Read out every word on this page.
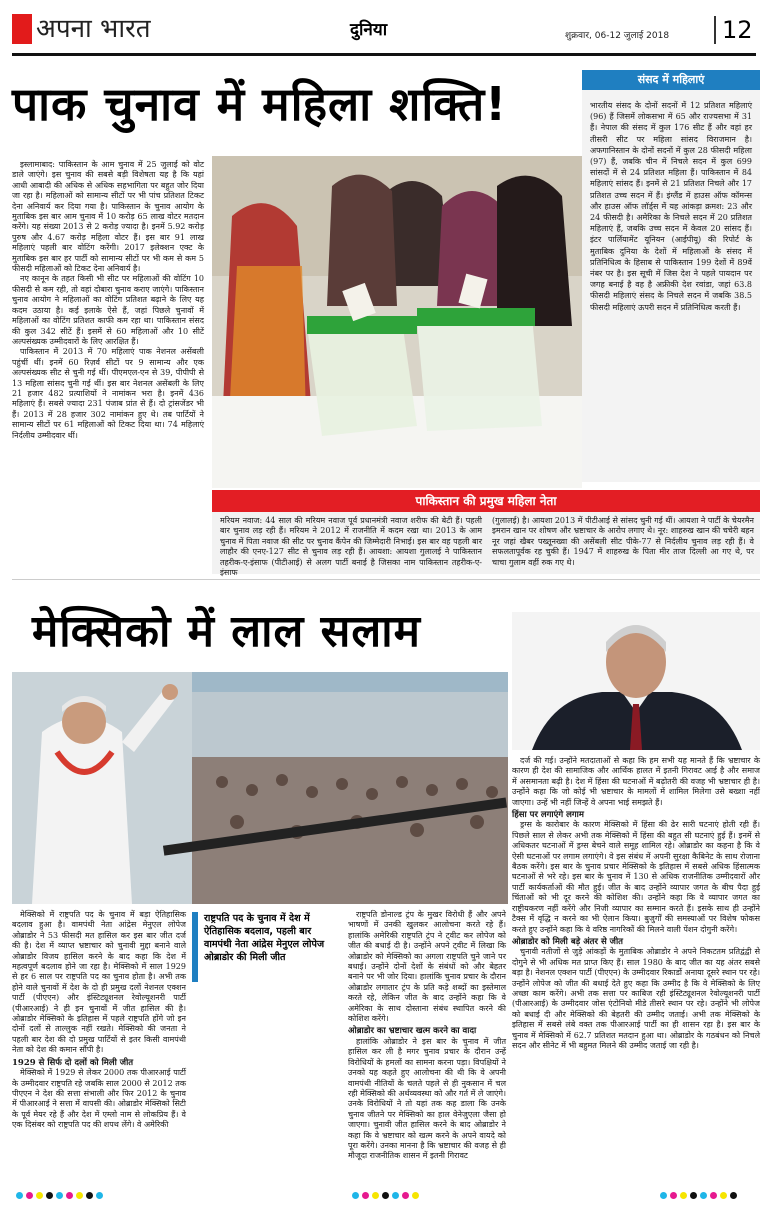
अपना भारत	दुनिया	शुक्रवार, 06-12 जुलाई 2018 12
पाक चुनाव में महिला शक्ति!
इस्लामाबाद: पाकिस्तान के आम चुनाव में 25 जुलाई को वोट डाले जाएंगे। इस चुनाव की सबसे बड़ी विशेषता यह है कि यहां आधी आबादी की अधिक से अधिक सहभागिता पर बहुत जोर दिया जा रहा है। महिलाओं को सामान्य सीटों पर भी पांच प्रतिशत टिकट देना अनिवार्य कर दिया गया है। पाकिस्तान के चुनाव आयोग के मुताबिक इस बार आम चुनाव में 10 करोड़ 65 लाख वोटर मतदान करेंगे। यह संख्या 2013 से 2 करोड़ ज्यादा है। इनमें 5.92 करोड़ पुरुष और 4.67 करोड़ महिला वोटर हैं। इस बार 91 लाख महिलाएं पहली बार वोटिंग करेंगी। 2017 इलेक्शन एक्ट के मुताबिक इस बार हर पार्टी को सामान्य सीटों पर भी कम से कम 5 फीसदी महिलाओं को टिकट देना अनिवार्य है।
नए कानून के तहत किसी भी सीट पर महिलाओं की वोटिंग 10 फीसदी से कम रही, तो वहां दोबारा चुनाव कराए जाएंगे। पाकिस्तान चुनाव आयोग ने महिलाओं का वोटिंग प्रतिशत बढ़ाने के लिए यह कदम उठाया है। कई इलाके ऐसे हैं, जहां पिछले चुनावों में महिलाओं का वोटिंग प्रतिशत काफी कम रहा था। पाकिस्तान संसद की कुल 342 सीटें हैं। इसमें से 60 महिलाओं और 10 सीटें अल्पसंख्यक उम्मीदवारों के लिए आरक्षित हैं।
पाकिस्तान में 2013 में 70 महिलाएं पाक नेशनल असेंबली पहुंचीं थीं। इनमें 60 रिज़र्व सीटों पर 9 सामान्य और एक अल्पसंख्यक सीट से चुनी गई थीं। पीएमएल-एन से 39, पीपीपी से 13 महिला सांसद चुनी गई थीं। इस बार नेशनल असेंबली के लिए 21 हजार 482 प्रत्याशियों ने नामांकन भरा है। इनमें 436 महिलाएं हैं। सबसे ज्यादा 231 पंजाब प्रांत से हैं। दो ट्रांसजेंडर भी हैं। 2013 में 28 हजार 302 नामांकन हुए थे। तब पार्टियों ने सामान्य सीटों पर 61 महिलाओं को टिकट दिया था। 74 महिलाएं निर्दलीय उम्मीदवार थीं।
संसद में महिलाएं
भारतीय संसद के दोनों सदनों में 12 प्रतिशत महिलाएं (96) हैं जिसमें लोकसभा में 65 और राज्यसभा में 31 हैं। नेपाल की संसद में कुल 176 सीट हैं और वहां हर तीसरी सीट पर महिला सांसद विराजमान है। अफगानिस्तान के दोनों सदनों में कुल 28 फीसदी महिला (97) हैं, जबकि चीन में निचले सदन में कुल 699 सांसदों में से 24 प्रतिशत महिला हैं। पाकिस्तान में 84 महिलाएं सांसद हैं। इनमें से 21 प्रतिशत निचले और 17 प्रतिशत उच्च सदन में हैं। इंग्लैंड में हाउस ऑफ कॉमन्स और हाउस ऑफ लॉर्ड्स में यह आंकड़ा क्रमश: 23 और 24 फीसदी है। अमेरिका के निचले सदन में 20 प्रतिशत महिलाएं हैं, जबकि उच्च सदन में केवल 20 सांसद हैं। इंटर पार्लियामेंट यूनियन (आईपीयू) की रिपोर्ट के मुताबिक दुनिया के देशों में महिलाओं के संसद में प्रतिनिधित्व के हिसाब से पाकिस्तान 199 देशों में 89वें नंबर पर है। इस सूची में जिस देश ने पहले पायदान पर जगह बनाई है वह है अफ्रीकी देश रवांडा, जहां 63.8 फीसदी महिलाएं संसद के निचले सदन में जबकि 38.5 फीसदी महिलाएं ऊपरी सदन में प्रतिनिधित्व करती हैं।
पाकिस्तान की प्रमुख महिला नेता
मरियम नवाज: 44 साल की मरियम नवाज पूर्व प्रधानमंत्री नवाज शरीफ की बेटी हैं। पहली बार चुनाव लड़ रही हैं। मरियम ने 2012 में राजनीति में कदम रखा था। 2013 के आम चुनाव में पिता नवाज की सीट पर चुनाव कैंपेन की जिम्मेदारी निभाई। इस बार वह पहली बार लाहौर की एनए-127 सीट से चुनाव लड़ रही हैं। आयशा: आयशा गुलालई ने पाकिस्तान तहरीक-ए-इंसाफ (पीटीआई) से अलग पार्टी बनाई है जिसका नाम पाकिस्तान तहरीक-ए-इंसाफ
(गुलालई) है। आयशा 2013 में पीटीआई से सांसद चुनी गई थीं। आयशा ने पार्टी के चेयरमैन इमरान खान पर शोषण और भ्रष्टाचार के आरोप लगाए थे। नूर: शाहरुख खान की चचेरी बहन नूर जहां खैबर पख्तूनख्वा की असेंबली सीट पीके-77 से निर्दलीय चुनाव लड़ रही हैं। वे सफलतापूर्वक रह चुकी हैं। 1947 में शाहरुख के पिता मीर ताज दिल्ली आ गए थे, पर चाचा गुलाम वहीं रुक गए थे।
मेक्सिको में लाल सलाम
दर्ज की गई। उन्होंने मतदाताओं से कहा कि हम सभी यह मानते हैं कि भ्रष्टाचार के कारण ही देश की सामाजिक और आर्थिक हालत में इतनी गिरावट आई है और समाज में असमानता बढ़ी है। देश में हिंसा की घटनाओं में बढ़ोतरी की वजह भी भ्रष्टाचार ही है। उन्होंने कहा कि जो कोई भी भ्रष्टाचार के मामलों में शामिल मिलेगा उसे बख्शा नहीं जाएगा। उन्हें भी नहीं जिन्हें वे अपना भाई समझते हैं।
हिंसा पर लगाएंगे लगाम
ड्रग्स के कारोबार के कारण मेक्सिको में हिंसा की ढेर सारी घटनाएं होती रही हैं। पिछले साल से लेकर अभी तक मेक्सिको में हिंसा की बहुत सी घटनाएं हुई हैं। इनमें से अधिकतर घटनाओं में ड्रग्स बेचने वाले समूह शामिल रहे। ओब्राडोर का कहना है कि वे ऐसी घटनाओं पर लगाम लगाएंगे। वे इस संबंध में अपनी सुरक्षा कैबिनेट के साथ रोजाना बैठक करेंगे। इस बार के चुनाव प्रचार मेक्सिको के इतिहास में सबसे अधिक हिंसात्मक घटनाओं से भरे रहे। इस बार के चुनाव में 130 से अधिक राजनीतिक उम्मीदवारों और पार्टी कार्यकर्ताओं की मौत हुई। जीत के बाद उन्होंने व्यापार जगत के बीच पैदा हुई चिंताओं को भी दूर करने की कोशिश की। उन्होंने कहा कि वे व्यापार जगत का राष्ट्रीयकरण नहीं करेंगे और निजी व्यापार का सम्मान करते हैं। इसके साथ ही उन्होंने टैक्स में वृद्धि न करने का भी ऐलान किया। बुजुर्गों की समस्याओं पर विशेष फोकस करते हुए उन्होंने कहा कि वे वरिष्ठ नागरिकों की मिलने वाली पेंशन दोगुनी करेंगे।
ओब्राडोर को मिली बड़े अंतर से जीत
चुनावी नतीजों से जुड़े आंकड़ों के मुताबिक ओब्राडोर ने अपने निकटतम प्रतिद्वंद्वी से दोगुने से भी अधिक मत प्राप्त किए हैं। साल 1980 के बाद जीत का यह अंतर सबसे बड़ा है। नेशनल एक्शन पार्टी (पीएएन) के उम्मीदवार रिकार्डो अनाया दूसरे स्थान पर रहे। उन्होंने लोपेज को जीत की बधाई देते हुए कहा कि उम्मीद है कि वे मेक्सिको के लिए अच्छा काम करेंगे। अभी तक सत्ता पर काबिज रही इंस्टिट्यूशनल रेवोल्यूशनरी पार्टी (पीआरआई) के उम्मीदवार जोस एंटोनियो मीडे तीसरे स्थान पर रहे। उन्होंने भी लोपेज को बधाई दी और मेक्सिको की बेहतरी की उम्मीद जताई। अभी तक मेक्सिको के इतिहास में सबसे लंबे वक्त तक पीआरआई पार्टी का ही शासन रहा है। इस बार के चुनाव में मेक्सिको में 62.7 प्रतिशत मतदान हुआ था। ओब्राडोर के गठबंधन को निचले सदन और सीनेट में भी बहुमत मिलने की उम्मीद जताई जा रही है।
मेक्सिको में राष्ट्रपति पद के चुनाव में बड़ा ऐतिहासिक बदलाव हुआ है। वामपंथी नेता आंद्रेस मेनुएल लोपेज ओब्राडोर ने 53 फीसदी मत हासिल कर इस बार जीत दर्ज की है। देश में व्याप्त भ्रष्टाचार को चुनावी मुद्दा बनाने वाले ओब्राडोर विजय हासिल करने के बाद कहा कि देश में महत्वपूर्ण बदलाव होने जा रहा है। मेक्सिको में साल 1929 से हर 6 साल पर राष्ट्रपति पद का चुनाव होता है। अभी तक होने वाले चुनावों में देश के दो ही प्रमुख दलों नेशनल एक्शन पार्टी (पीएएन) और इंस्टिट्यूशनल रेवोल्यूशनरी पार्टी (पीआरआई) ने ही इन चुनावों में जीत हासिल की है। ओब्राडोर मेक्सिको के इतिहास में पहले राष्ट्रपति होंगे जो इन दोनों दलों से ताल्लुक नहीं रखते। मेक्सिको की जनता ने पहली बार देश की दो प्रमुख पार्टियों से इतर किसी वामपंथी नेता को देश की कमान सौंपी है।
1929 से सिर्फ दो दलों को मिली जीत
मेक्सिको में 1929 से लेकर 2000 तक पीआरआई पार्टी के उम्मीदवार राष्ट्रपति रहे जबकि साल 2000 से 2012 तक पीएएन ने देश की सत्ता संभाली और फिर 2012 के चुनाव में पीआरआई ने सत्ता में वापसी की। ओब्राडोर मेक्सिको सिटी के पूर्व मेयर रहे हैं और देश में एम्लो नाम से लोकप्रिय हैं। वे एक दिसंबर को राष्ट्रपति पद की शपथ लेंगे। वे अमेरिकी
राष्ट्रपति पद के चुनाव में देश में ऐतिहासिक बदलाव, पहली बार वामपंथी नेता आंद्रेस मेनुएल लोपेज ओब्राडोर की मिली जीत
राष्ट्रपति डोनाल्ड ट्रंप के मुखर विरोधी हैं और अपने भाषणों में उनकी खुलकर आलोचना करते रहे हैं। हालांकि अमेरिकी राष्ट्रपति ट्रंप ने ट्वीट कर लोपेज को जीत की बधाई दी है। उन्होंने अपने ट्वीट में लिखा कि ओब्राडोर को मेक्सिको का अगला राष्ट्रपति चुने जाने पर बधाई। उन्होंने दोनों देशों के संबंधों को और बेहतर बनाने पर भी जोर दिया। हालांकि चुनाव प्रचार के दौरान ओब्राडोर लगातार ट्रंप के प्रति कड़े शब्दों का इस्तेमाल करते रहे, लेकिन जीत के बाद उन्होंने कहा कि वे अमेरिका के साथ दोस्ताना संबंध स्थापित करने की कोशिश करेंगे।
ओब्राडोर का भ्रष्टाचार खत्म करने का वादा
हालांकि ओब्राडोर ने इस बार के चुनाव में जीत हासिल कर ली है मगर चुनाव प्रचार के दौरान उन्हें विरोधियों के हमलों का सामना करना पड़ा। विपक्षियों ने उनको यह कहते हुए आलोचना की थी कि वे अपनी वामपंथी नीतियों के चलते पहले से ही नुकसान में चल रही मेक्सिको की अर्थव्यवस्था को और गर्त में ले जाएंगे। उनके विरोधियों ने तो यहां तक कह डाला कि उनके चुनाव जीतने पर मेक्सिको का हाल वेनेजुएला जैसा हो जाएगा। चुनावी जीत हासिल करने के बाद ओब्राडोर ने कहा कि वे भ्रष्टाचार को खत्म करने के अपने वायदे को पूरा करेंगे। उनका मानना है कि भ्रष्टाचार की वजह से ही मौजूदा राजनीतिक शासन में इतनी गिरावट
